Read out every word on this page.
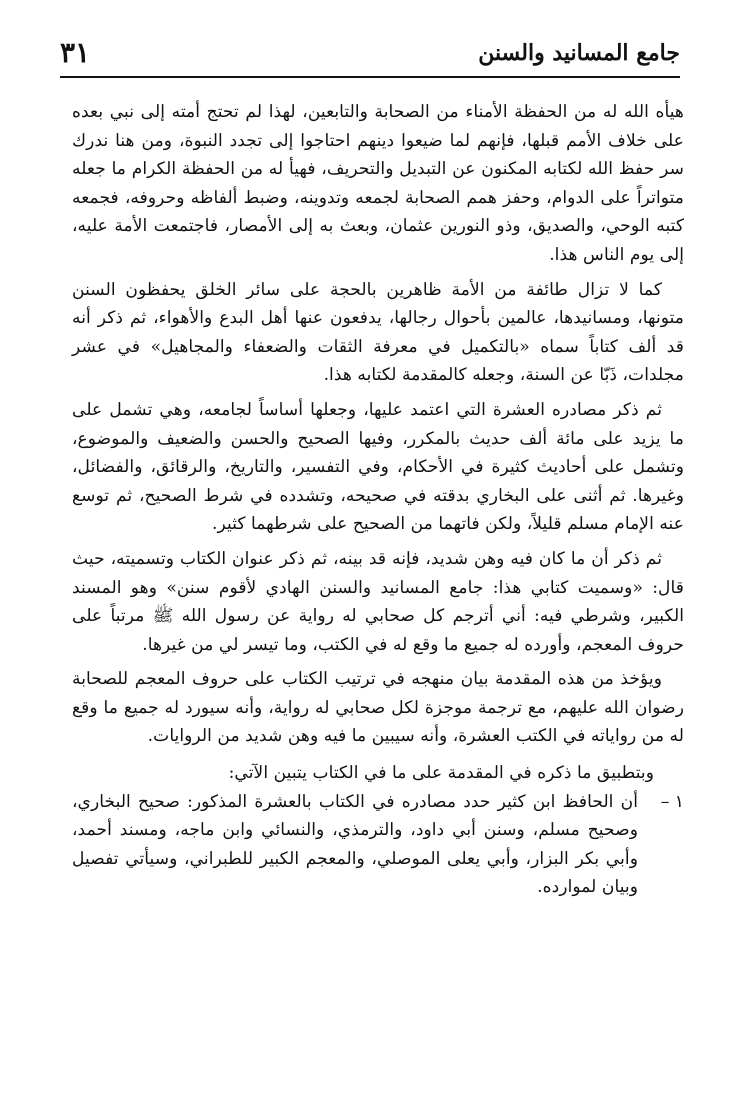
جامع المسانيد والسنن
٣١

هيأه الله له من الحفظة الأمناء من الصحابة والتابعين، لهذا لم تحتج أمته إلى نبي بعده على خلاف الأمم قبلها، فإنهم لما ضيعوا دينهم احتاجوا إلى تجدد النبوة، ومن هنا ندرك سر حفظ الله لكتابه المكنون عن التبديل والتحريف، فهيأ له من الحفظة الكرام ما جعله متواتراً على الدوام، وحفز همم الصحابة لجمعه وتدوينه، وضبط ألفاظه وحروفه، فجمعه كتبه الوحي، والصديق، وذو النورين عثمان، وبعث به إلى الأمصار، فاجتمعت الأمة عليه، إلى يوم الناس هذا.

كما لا تزال طائفة من الأمة ظاهرين بالحجة على سائر الخلق يحفظون السنن متونها، ومسانيدها، عالمين بأحوال رجالها، يدفعون عنها أهل البدع والأهواء، ثم ذكر أنه قد ألف كتاباً سماه «بالتكميل في معرفة الثقات والضعفاء والمجاهيل» في عشر مجلدات، ذَبّا عن السنة، وجعله كالمقدمة لكتابه هذا.

ثم ذكر مصادره العشرة التي اعتمد عليها، وجعلها أساساً لجامعه، وهي تشمل على ما يزيد على مائة ألف حديث بالمكرر، وفيها الصحيح والحسن والضعيف والموضوع، وتشمل على أحاديث كثيرة في الأحكام، وفي التفسير، والتاريخ، والرقائق، والفضائل، وغيرها. ثم أثنى على البخاري بدقته في صحيحه، وتشدده في شرط الصحيح، ثم توسع عنه الإمام مسلم قليلاً، ولكن فاتهما من الصحيح على شرطهما كثير.

ثم ذكر أن ما كان فيه وهن شديد، فإنه قد بينه، ثم ذكر عنوان الكتاب وتسميته، حيث قال: «وسميت كتابي هذا: جامع المسانيد والسنن الهادي لأقوم سنن» وهو المسند الكبير، وشرطي فيه: أني أترجم كل صحابي له رواية عن رسول الله ﷺ مرتباً على حروف المعجم، وأورده له جميع ما وقع له في الكتب، وما تيسر لي من غيرها.

ويؤخذ من هذه المقدمة بيان منهجه في ترتيب الكتاب على حروف المعجم للصحابة رضوان الله عليهم، مع ترجمة موجزة لكل صحابي له رواية، وأنه سيورد له جميع ما وقع له من رواياته في الكتب العشرة، وأنه سيبين ما فيه وهن شديد من الروايات.

وبتطبيق ما ذكره في المقدمة على ما في الكتاب يتبين الآتي:

١ –
أن الحافظ ابن كثير حدد مصادره في الكتاب بالعشرة المذكور: صحيح البخاري، وصحيح مسلم، وسنن أبي داود، والترمذي، والنسائي وابن ماجه، ومسند أحمد، وأبي بكر البزار، وأبي يعلى الموصلي، والمعجم الكبير للطبراني، وسيأتي تفصيل وبيان لموارده.
